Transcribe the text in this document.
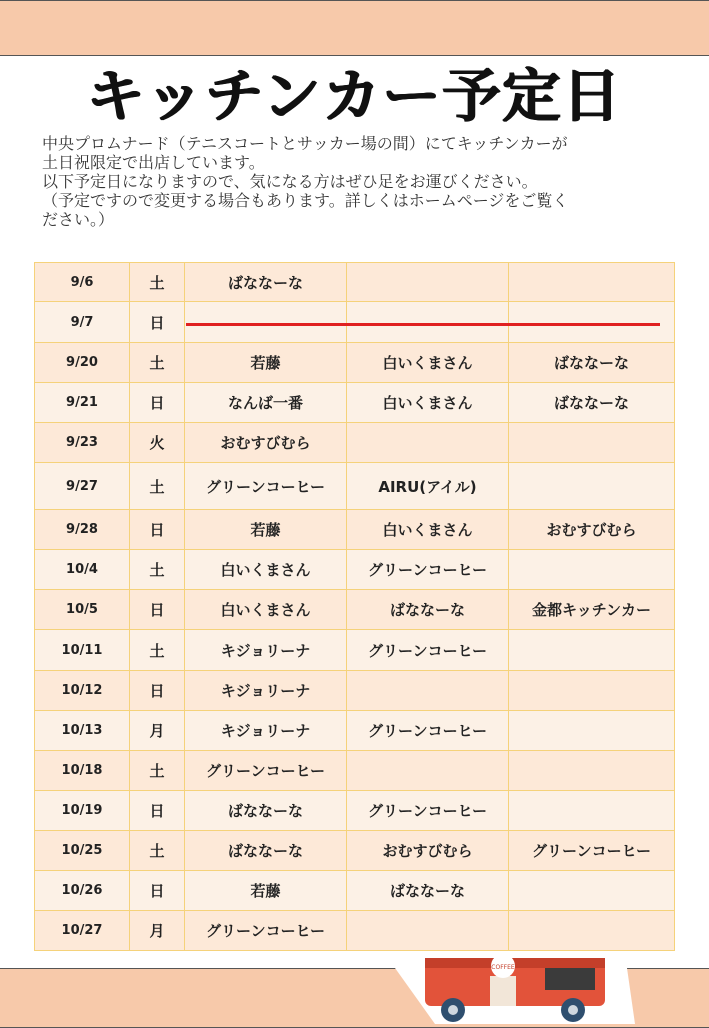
キッチンカー予定日

中央プロムナード（テニスコートとサッカー場の間）にてキッチンカーが

土日祝限定で出店しています。

以下予定日になりますので、気になる方はぜひ足をお運びください。

（予定ですので変更する場合もあります。詳しくはホームページをご覧く

ださい。）

9/6	土	ばななーな		
9/7	日			
9/20	土	若藤	白いくまさん	ばななーな
9/21	日	なんば一番	白いくまさん	ばななーな
9/23	火	おむすびむら		
9/27	土	グリーンコーヒー	AIRU(アイル)	
9/28	日	若藤	白いくまさん	おむすびむら
10/4	土	白いくまさん	グリーンコーヒー	
10/5	日	白いくまさん	ばななーな	金都キッチンカー
10/11	土	キジョリーナ	グリーンコーヒー	
10/12	日	キジョリーナ		
10/13	月	キジョリーナ	グリーンコーヒー	
10/18	土	グリーンコーヒー		
10/19	日	ばななーな	グリーンコーヒー	
10/25	土	ばななーな	おむすびむら	グリーンコーヒー
10/26	日	若藤	ばななーな	
10/27	月	グリーンコーヒー		
COFFEE
